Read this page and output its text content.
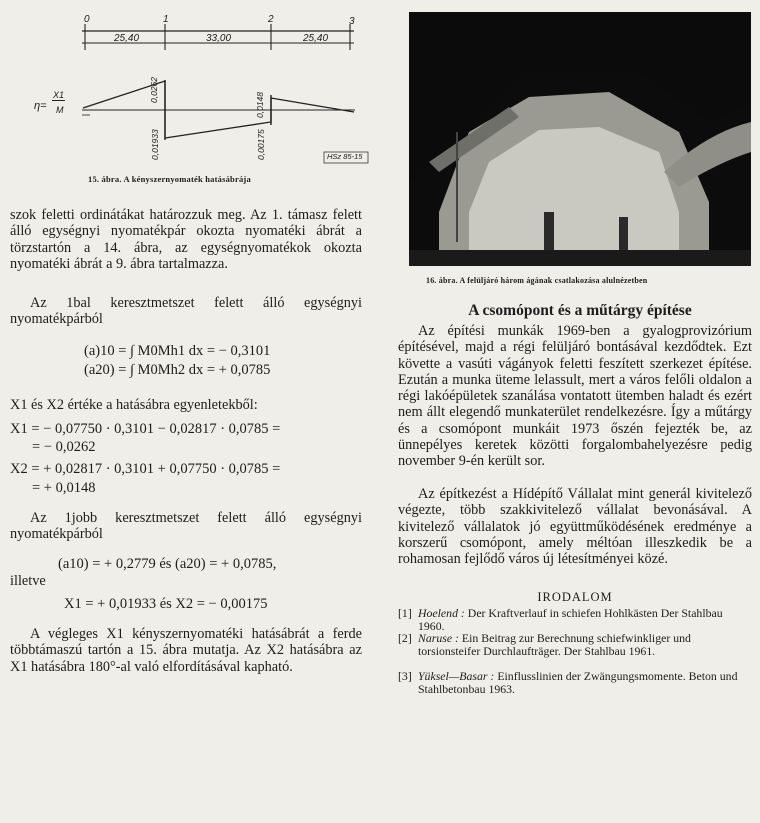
0	1	2	3
25,40	33,00	25,40
η=
X1
M
0,0262
0,0148
0,01933	0,00175	HSz 85-15
15. ábra. A kényszernyomaték hatásábrája

szok feletti ordinátákat határozzuk meg. Az 1. támasz felett álló egységnyi nyomatékpár okozta nyomatéki ábrát a törzstartón a 14. ábra, az egységnyomatékok okozta nyomatéki ábrát a 9. ábra tartalmazza.

Az 1bal keresztmetszet felett álló egységnyi nyomatékpárból

(a)10 = ∫ M0Mh1 dx = − 0,3101
(a20) = ∫ M0Mh2 dx = + 0,0785

X1 és X2 értéke a hatásábra egyenletekből:

X1 = − 0,07750 · 0,3101 − 0,02817 · 0,0785 =
= − 0,0262
X2 = + 0,02817 · 0,3101 + 0,07750 · 0,0785 =
= + 0,0148

Az 1jobb keresztmetszet felett álló egységnyi nyomatékpárból

(a10) = + 0,2779 és (a20) = + 0,0785,
illetve
X1 = + 0,01933 és X2 = − 0,00175

A végleges X1 kényszernyomatéki hatásábrát a ferde többtámaszú tartón a 15. ábra mutatja. Az X2 hatásábra az X1 hatásábra 180°-al való elfordításával kapható.

16. ábra. A felüljáró három ágának csatlakozása alulnézetben
A csomópont és a műtárgy építése

Az építési munkák 1969-ben a gyalogprovizórium építésével, majd a régi felüljáró bontásával kezdődtek. Ezt követte a vasúti vágányok feletti feszített szerkezet építése. Ezután a munka üteme lelassult, mert a város felőli oldalon a régi lakóépületek szanálása vontatott ütemben haladt és ezért nem állt elegendő munkaterület rendelkezésre. Így a műtárgy és a csomópont munkáit 1973 őszén fejezték be, az ünnepélyes keretek közötti forgalombahelyezésre pedig november 9-én került sor.

Az építkezést a Hídépítő Vállalat mint generál kivitelező végezte, több szakkivitelező vállalat bevonásával. A kivitelező vállalatok jó együttműködésének eredménye a korszerű csomópont, amely méltóan illeszkedik be a rohamosan fejlődő város új létesítményei közé.

IRODALOM
[1] Hoelend : Der Kraftverlauf in schiefen Hohlkästen Der Stahlbau 1960.
[2] Naruse : Ein Beitrag zur Berechnung schiefwinkliger und torsionsteifer Durchlaufträger. Der Stahlbau 1961.
[3] Yüksel—Basar : Einflusslinien der Zwängungsmomente. Beton und Stahlbetonbau 1963.
